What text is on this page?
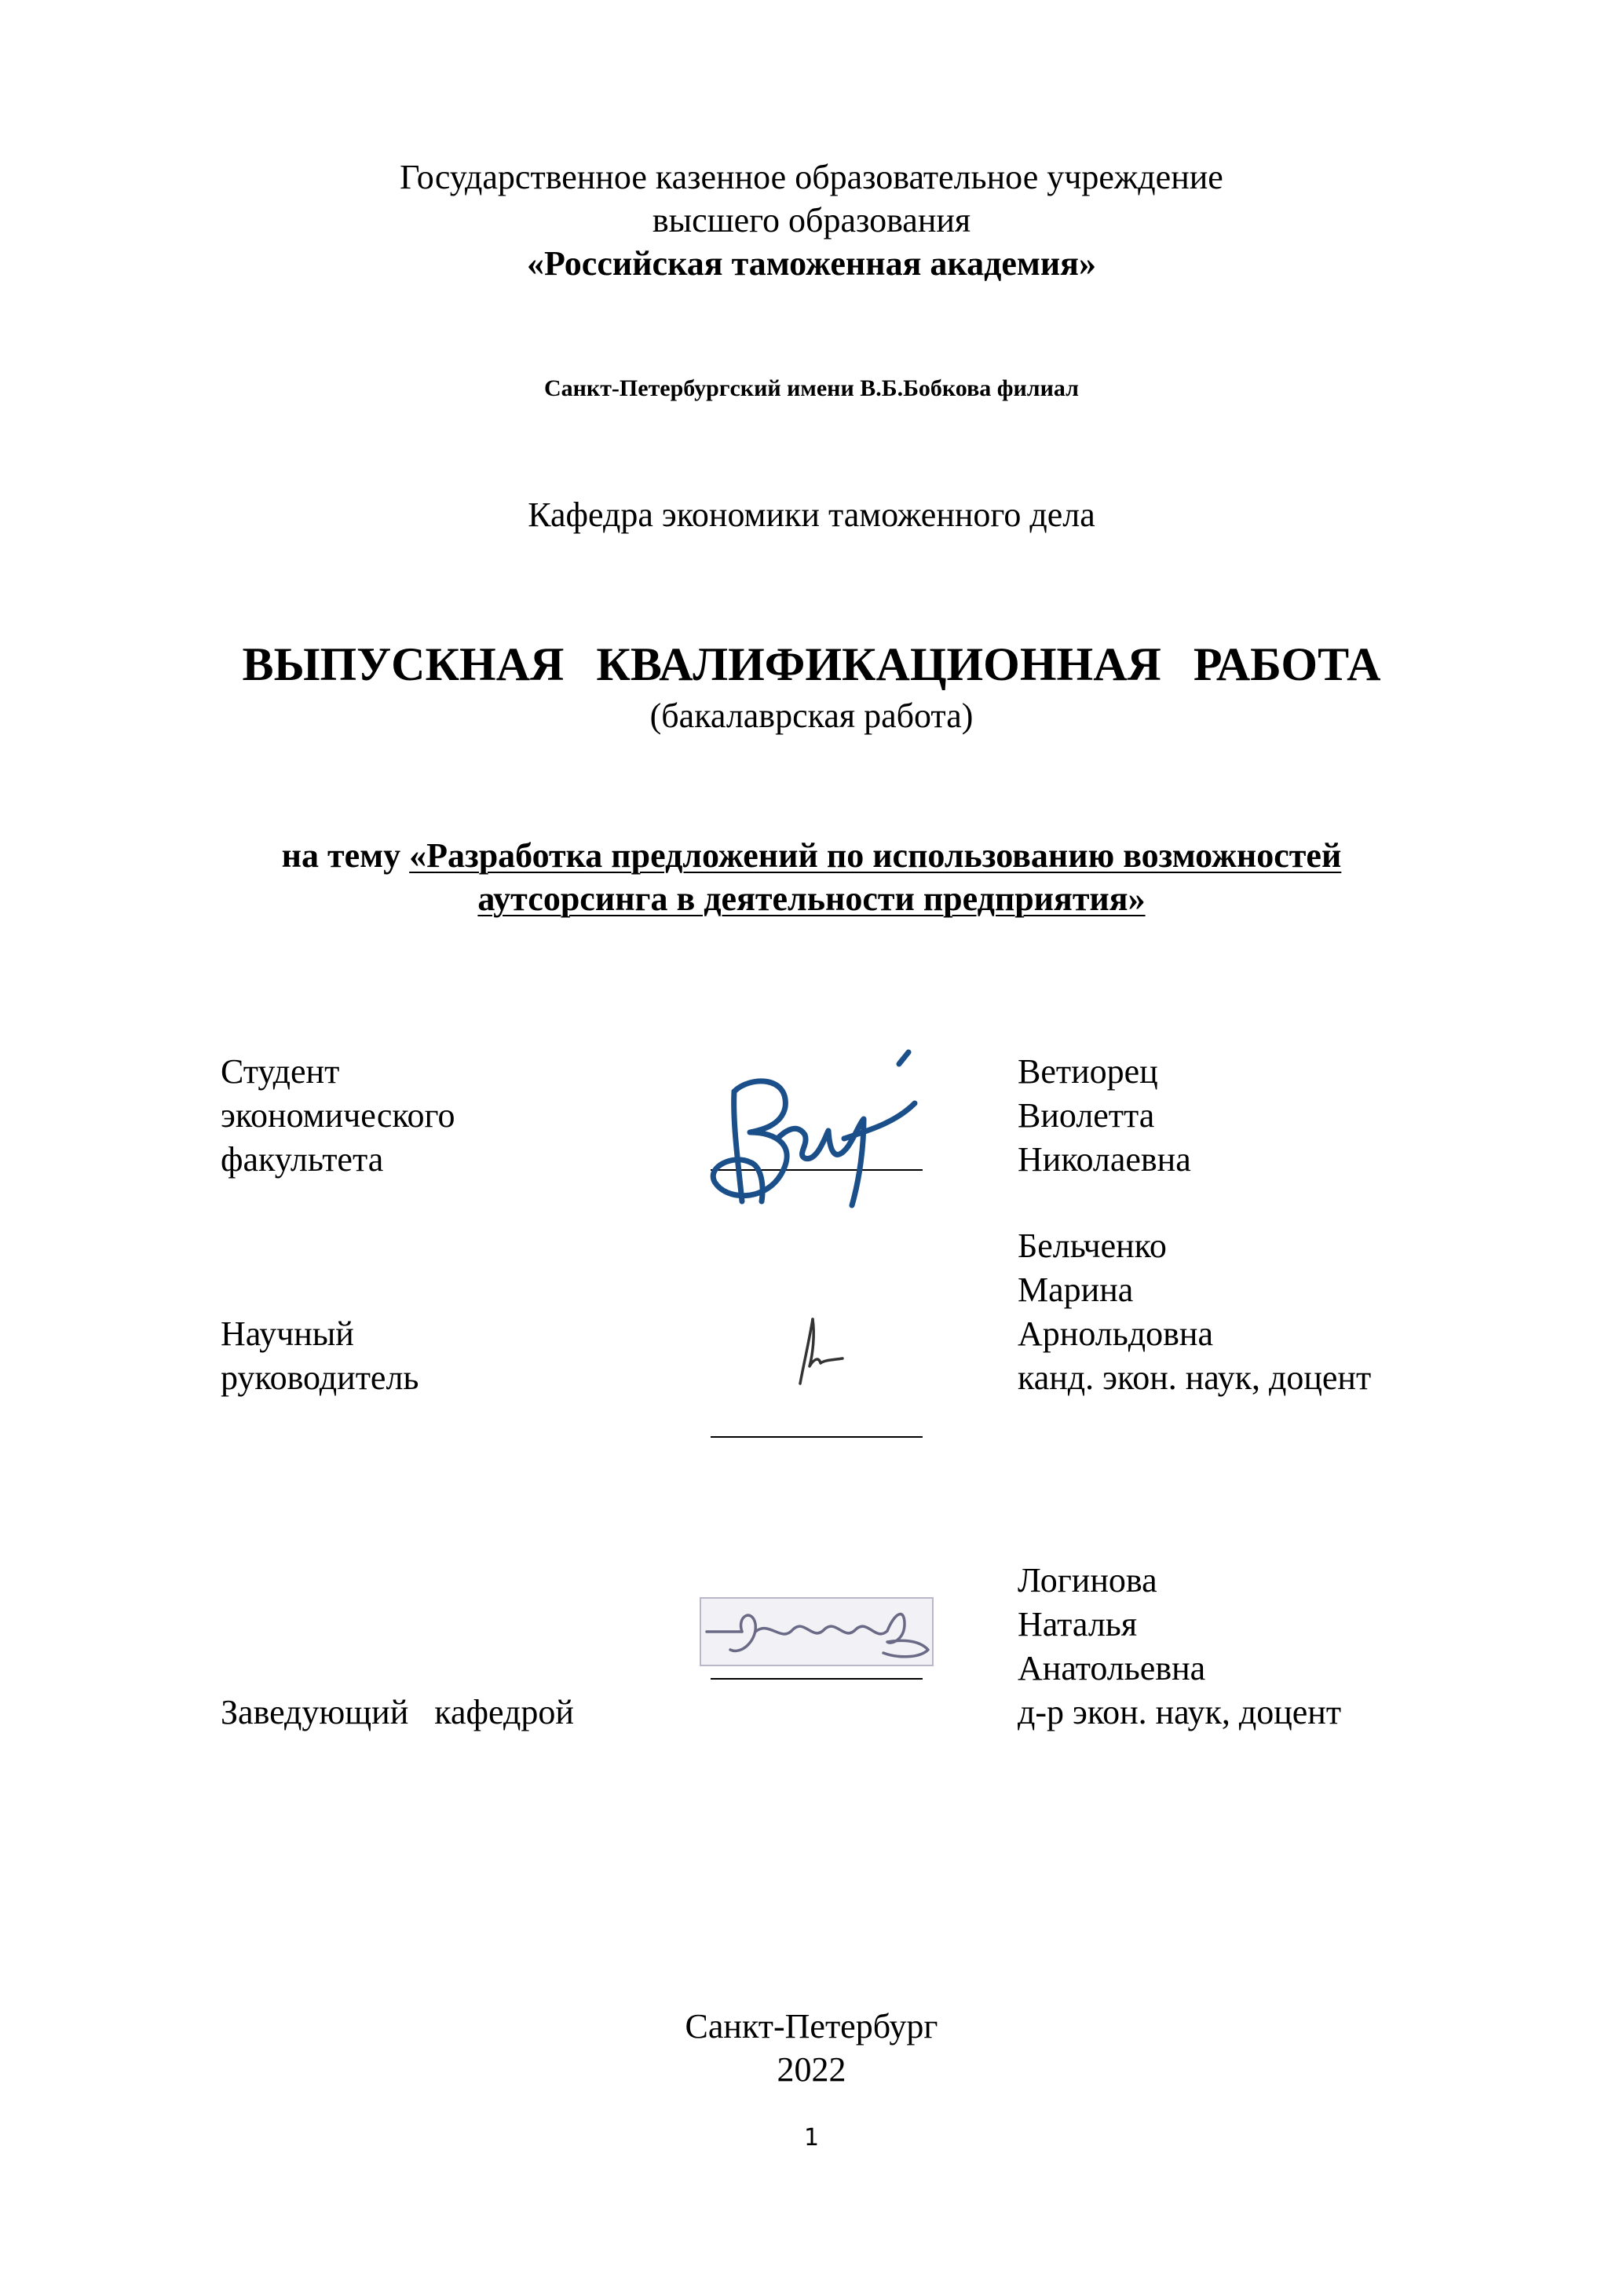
Государственное казенное образовательное учреждение
высшего образования
«Российская таможенная академия»
Санкт-Петербургский имени В.Б.Бобкова филиал
Кафедра экономики таможенного дела
ВЫПУСКНАЯ КВАЛИФИКАЦИОННАЯ РАБОТА
(бакалаврская работа)
на тему «Разработка предложений по использованию возможностей
аутсорсинга в деятельности предприятия»
Студент
экономического
факультета
Ветиорец
Виолетта
Николаевна
Научный
руководитель
Бельченко
Марина
Арнольдовна
канд. экон. наук, доцент
Заведующий   кафедрой
Логинова
Наталья
Анатольевна
д-р экон. наук, доцент
Санкт-Петербург
2022
1
